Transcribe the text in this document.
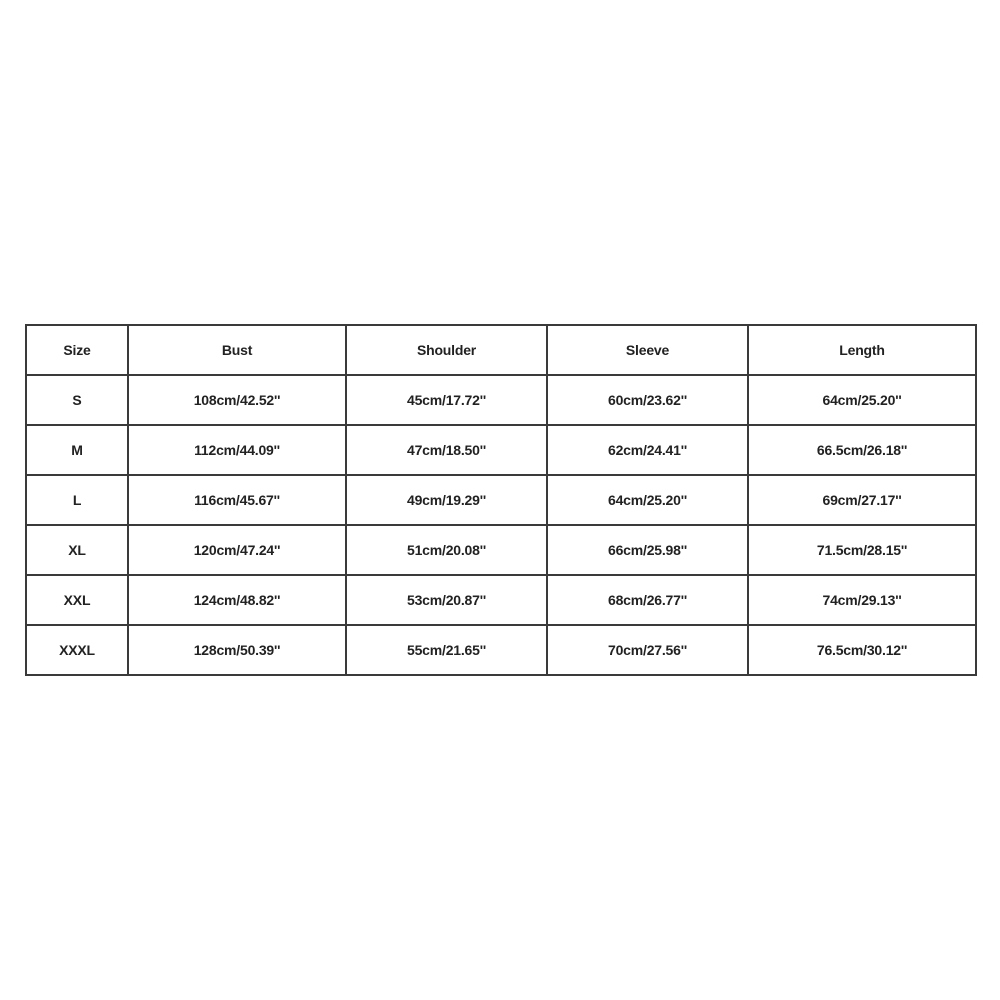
Size	Bust	Shoulder	Sleeve	Length
S	108cm/42.52''	45cm/17.72''	60cm/23.62''	64cm/25.20''
M	112cm/44.09''	47cm/18.50''	62cm/24.41''	66.5cm/26.18''
L	116cm/45.67''	49cm/19.29''	64cm/25.20''	69cm/27.17''
XL	120cm/47.24''	51cm/20.08''	66cm/25.98''	71.5cm/28.15''
XXL	124cm/48.82''	53cm/20.87''	68cm/26.77''	74cm/29.13''
XXXL	128cm/50.39''	55cm/21.65''	70cm/27.56''	76.5cm/30.12''
